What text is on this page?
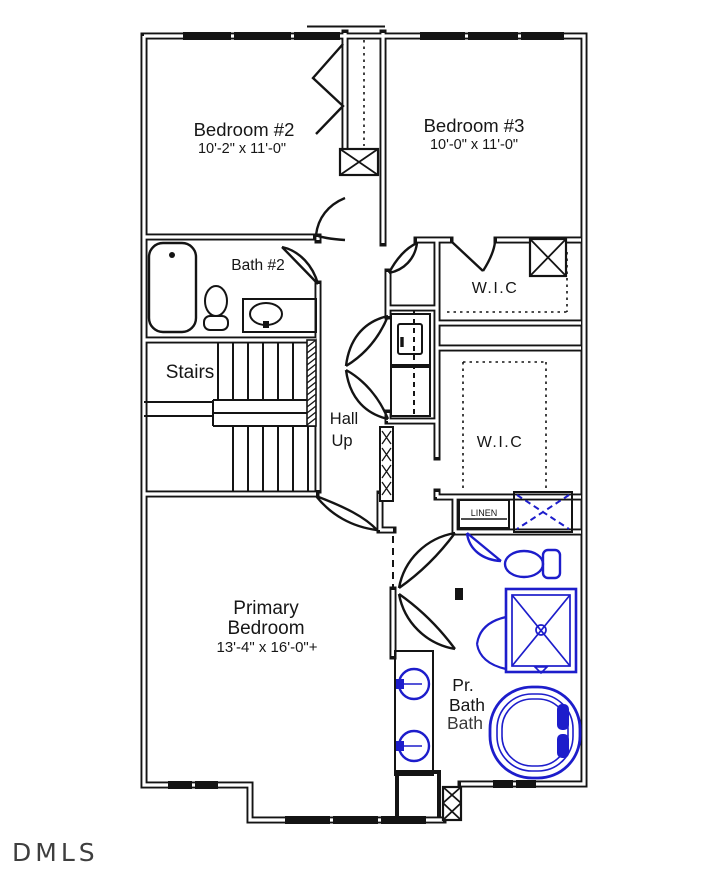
Bedroom #2
10'-2" x 11'-0"
Bedroom #3
10'-0" x 11'-0"
Bath #2
Stairs
Hall
Up
W.I.C
W.I.C
LINEN
Primary
Bedroom
13'-4" x 16'-0"+
Pr.
Bath
Bath
DMLS
